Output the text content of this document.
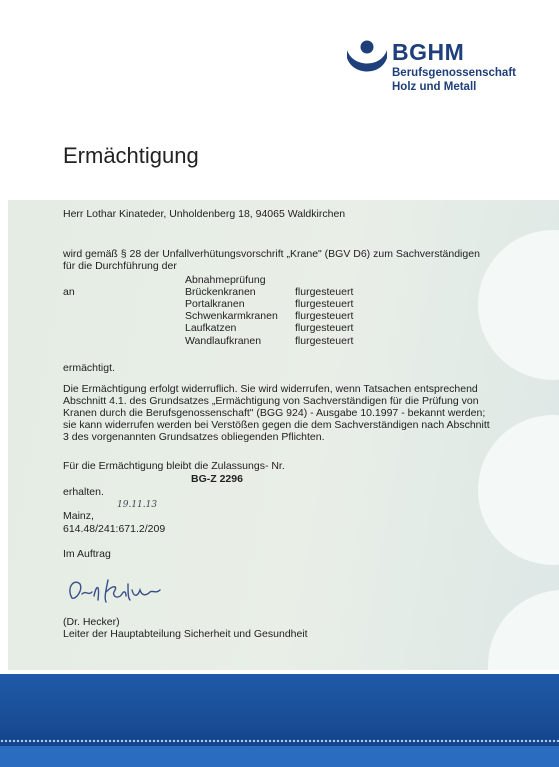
BGHM
Berufsgenossenschaft
Holz und Metall
Ermächtigung
Herr Lothar Kinateder, Unholdenberg 18, 94065 Waldkirchen
wird gemäß § 28 der Unfallverhütungsvorschrift „Krane" (BGV D6) zum Sachverständigen
für die Durchführung der
Abnahmeprüfung
an	Brückenkranen	flurgesteuert
Portalkranen	flurgesteuert
Schwenkarmkranen flurgesteuert
Laufkatzen	flurgesteuert
Wandlaufkranen	flurgesteuert
ermächtigt.
Die Ermächtigung erfolgt widerruflich. Sie wird widerrufen, wenn Tatsachen entsprechend
Abschnitt 4.1. des Grundsatzes „Ermächtigung von Sachverständigen für die Prüfung von
Kranen durch die Berufsgenossenschaft" (BGG 924) - Ausgabe 10.1997 - bekannt werden;
sie kann widerrufen werden bei Verstößen gegen die dem Sachverständigen nach Abschnitt
3 des vorgenannten Grundsatzes obliegenden Pflichten.
Für die Ermächtigung bleibt die Zulassungs- Nr.
BG-Z 2296
erhalten.
Mainz,
19.11.13
614.48/241:671.2/209
Im Auftrag
(Dr. Hecker)
Leiter der Hauptabteilung Sicherheit und Gesundheit
